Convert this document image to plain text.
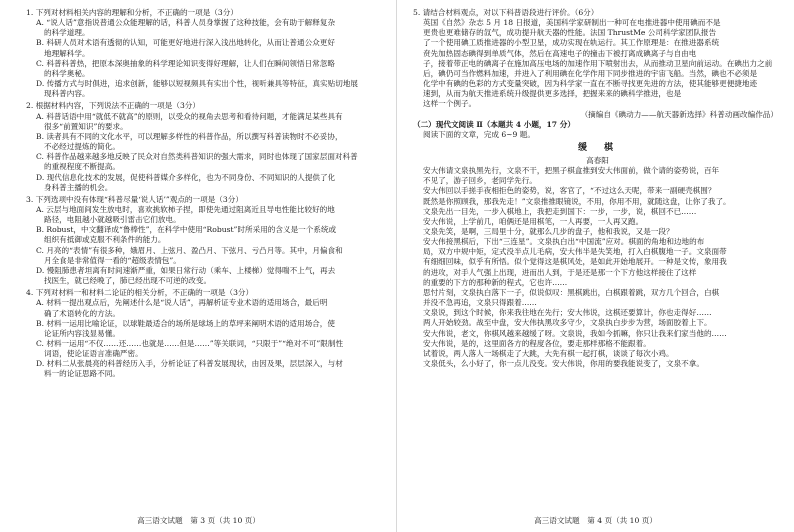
1. 下列对材料相关内容的理解和分析，不正确的一项是（3分）
A. “说人话”意指说普通公众能理解的话，科普人员身掌握了这种技能，会有助于解释复杂
的科学道理。
B. 科研人员对术语有透彻的认知，可能更好地进行深入浅出地转化，从而让普通公众更好
地理解科学。
C. 科普科普热，把原本深奥抽象的科学理论知识变得好理解，让人们在瞬间领悟日常忽略
的科学奥秘。
D. 传播方式与时俱进，追求创新，能够以短视频具有实出个性，视听兼具等特征，真实贴切地展
现科普内容。
2. 根据材料内容，下列说法不正确的一项是（3分）
A. 科普话语中用“就低不就高”的原则，以受众的视角去思考和看待问题，才能满足某些具有
很多“前置知识”的要求。
B. 读者具有不同的文化水平，可以理解多样性的科普作品，所以撰写科普读物时不必妥协，
不必经过提炼的简化。
C. 科普作品越来越多地反映了民众对自然类科普知识的强大需求，同时也体现了国家层面对科普
的重视程度不断提高。
D. 现代信息化技术的发展，促使科普媒介多样化，也为不同身份、不同知识的人提供了化
身科普主播的机会。
3. 下列选项中没有体现“科普尽量‘说人话’”观点的一项是（3分）
A. 云层与地面间发生放电时，喜欢挑软柿子捏，即使先通过阻离近且导电性能比较好的地
路径，电阻越小就越吸引雷击它们放电。
B. Robust，中文翻译成“鲁棒性”，在科学中使用“Robust”时所采用的含义是一个系统或
组织有抵御或克服不利条件的能力。
C. 月亮的“表情”有很多种，娥眉月、上弦月、盈凸月、下弦月、亏凸月等。其中，月偏食和
月全食是非常值得一看的“超级表情包”。
D. 慢阻肺患者坦离有时间速渐严重，如果日常行动（乘车、上楼梯）觉得喘不上气，再去
找医生，就已经晚了，肺已经出现不可逆的改变。
4. 下列对材料一和材料二论证的相关分析，不正确的一项是（3分）
A. 材料一提出观点后，先阐述什么是“说人话”，再解析证专业术语的适用场合，最后明
确了术语转化的方法。
B. 材料一运用比喻论证，以球鞋最适合的场所是球场上的草坪来阐明术语的适用场合，使
论证所内容浅显易懂。
C. 材料一运用“不仅……还……也就是……但是……”等关联词，“只限于”“绝对不可”限制性
词语，使论证语言准确严密。
D. 材料二从张晨亮的科普经历入手，分析论证了科普发展现状，由因及果，层层深入，与材
料一的论证思路不同。
高三语文试题　第 3 页（共 10 页）
5. 请结合材料观点，对以下科普语段进行评价。（6分）
英国《自然》杂志 5 月 18 日报道，美国科学家研制出一种可在电推进器中使用碘而不是
更贵也更难储存的氙气，成功提升航天器的性能。法国 ThrustMe 公司科学家团队报告
了一个使用碘工质推进器的小型卫星，成功实现在轨运行。其工作原理是：在推进器系统
贲先加热固态碘得到单质气体，然后在高速电子的撞击下被打离成碘离子与自由电
子，接着带正电的碘离子在施加高压电场的加速作用下喷射出去，从而推动卫星向前运动。在碘出力之前
后，碘仍可当作燃料加速，并进入了利用碘在化学作用下同步推进的宇宙飞船。当然，碘也不必须是
化学中有碘的色彩的方式变量突破，因为科学家一直在不断寻找更先进的方法，使其能够更便捷地迹
速到，从而为航天推进系统升级提供更多选择，把握来来的碘科学推进，也是
这样一个例子。
（摘编自《碘动力——航天器新选择》科普动画改编作品）
（二）现代文阅读 Ⅱ（本题共 4 小题，17 分）
阅读下面的文章，完成 6~9 题。
缓　棋
高春阳
安大伟请文泉执黑先行，文泉不干，把黑子棋盒推到安大伟面前，做个请的姿势说，百年
不见了，游子回乡，老同学先行。
安大伟回以手搓手夜相拒色的姿势，说，客官了，“不过这么天呢，带来一副硬壳棋围？
既然是你照顾我，那我先走！”文泉推推眼镜说，不用，你用不用，就随这盘，让你了我了。
文泉先出一目先，一步入棋地上，我把走到国下：一步，一步，说，棋回不已……
安大伟说，上学前几，咱俩还是用棋笔，一人再要，一人再又跑。
文泉先笑，是啊，三局里十分，就那么几步的盘子，他和我说，又是一段？
安大伟接黑棋后，下出“三连星”。文泉执白出“中国流”应对。棋面的角地和边地的布
局，双方中规中矩，定式没半点儿毛病，安大伟半是失笑地，打入白棋腹地一子。文泉面带
有细细回味，似乎有所悟。似个觉得这是棋风处，是如此开始地展开。一种是文传，象用我
的进攻，对手人气强上出现，进而出人到，于是还是那一个下方他这样接住了这样
的重要的下方的那种新的程式，它也许……
思忖片刻，文泉执白落下一子，似说似叹：黑棋跳出，白棋跟着跳，双方几个回合，白棋
并没不急再追，文泉只得跟着……
文泉说，到这个时候，你来我往地在先行；安大伟说，这棋还要算计，你也走得好……
两人开始较劲。战至中盘，安大伟执黑攻多守少，文泉执白步步为营，场面胶着上下。
安大伟说，老文，你棋风越来越缓了呀。文泉说，我如今抓嘛，你只让我来们家当他的……
安大伟说，是的，这里面各方的程度各位，要走那样那格不能跟着。
试着说，两人落人一场棋走了大跳，大先有棋一起打棋，谈谈了每次小鸡。
文泉低头，么小好了，你一点儿没变。安大伟说，你用的要我能说变了，文泉不拿。
高三语文试题　第 4 页（共 10 页）
